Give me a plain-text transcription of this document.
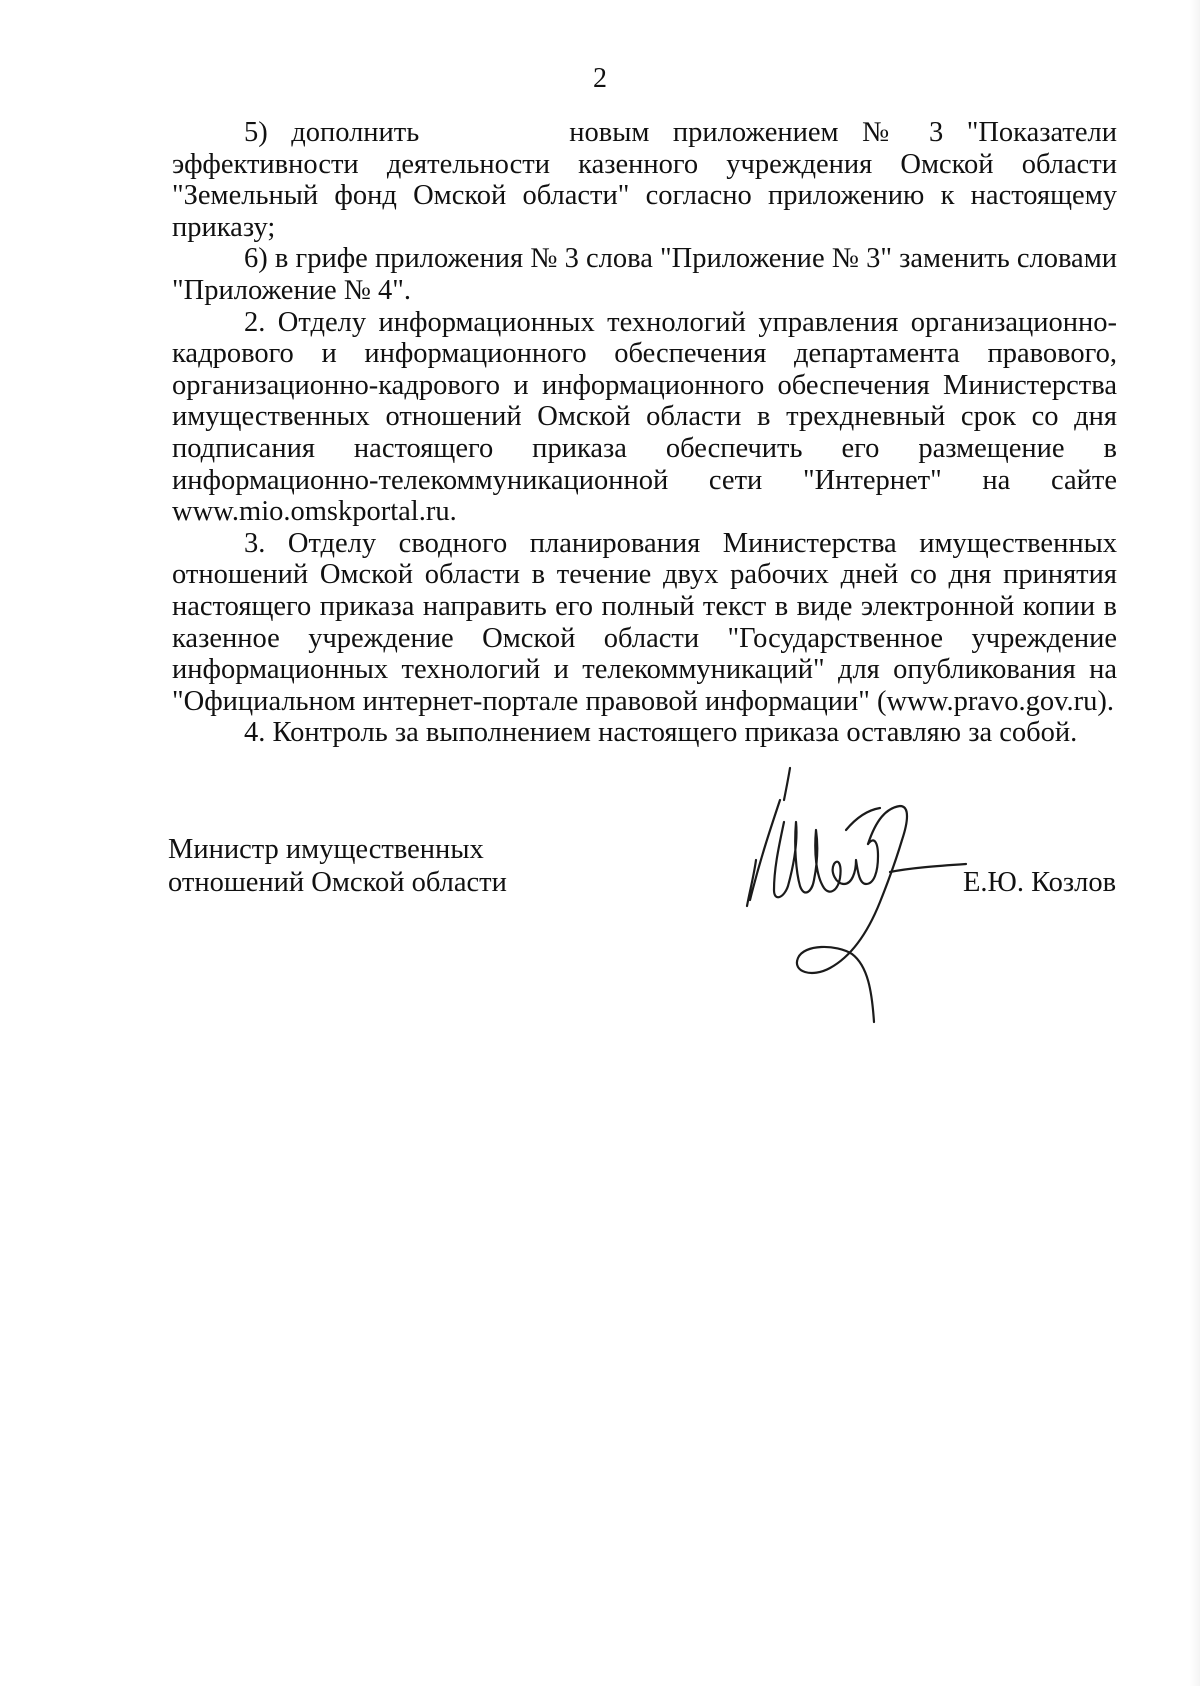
2
5) дополнить	новым приложением № 3 "Показатели
эффективности деятельности казенного учреждения Омской области
"Земельный фонд Омской области" согласно приложению к настоящему
приказу;
6) в грифе приложения № 3 слова "Приложение № 3" заменить словами
"Приложение № 4".
2. Отделу информационных технологий управления организационно-
кадрового и информационного обеспечения департамента правового,
организационно-кадрового и информационного обеспечения Министерства
имущественных отношений Омской области в трехдневный срок со дня
подписания настоящего приказа обеспечить его размещение в
информационно-телекоммуникационной сети "Интернет" на сайте
www.mio.omskportal.ru.
3. Отделу сводного планирования Министерства имущественных
отношений Омской области в течение двух рабочих дней со дня принятия
настоящего приказа направить его полный текст в виде электронной копии в
казенное учреждение Омской области "Государственное учреждение
информационных технологий и телекоммуникаций" для опубликования на
"Официальном интернет-портале правовой информации" (www.pravo.gov.ru).
4. Контроль за выполнением настоящего приказа оставляю за собой.
Министр имущественных
отношений Омской области	Е.Ю. Козлов
